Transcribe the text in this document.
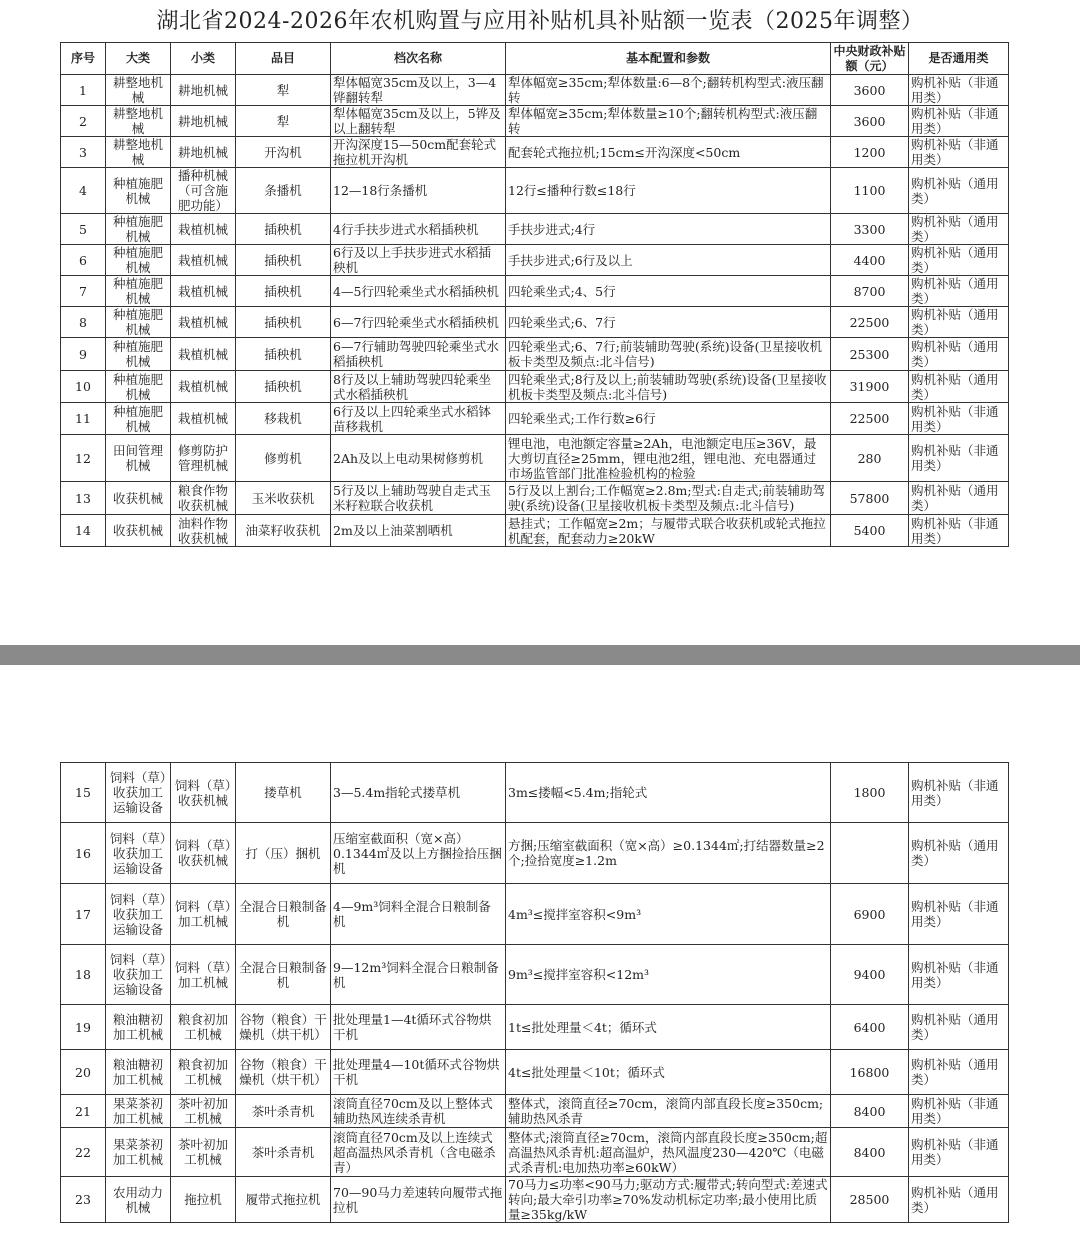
湖北省2024-2026年农机购置与应用补贴机具补贴额一览表（2025年调整）
序号	大类	小类	品目	档次名称	基本配置和参数	中央财政补贴额（元）	是否通用类

1	耕整地机械	耕地机械	犁	犁体幅宽35cm及以上，3—4铧翻转犁	犁体幅宽≥35cm;犁体数量:6—8个;翻转机构型式:液压翻转	3600	购机补贴（非通用类）

2	耕整地机械	耕地机械	犁	犁体幅宽35cm及以上，5铧及以上翻转犁	犁体幅宽≥35cm;犁体数量≥10个;翻转机构型式:液压翻转	3600	购机补贴（非通用类）

3	耕整地机械	耕地机械	开沟机	开沟深度15—50cm配套轮式拖拉机开沟机	配套轮式拖拉机;15cm≤开沟深度<50cm	1200	购机补贴（非通用类）

4	种植施肥机械	播种机械（可含施肥功能）	条播机	12—18行条播机	12行≤播种行数≤18行	1100	购机补贴（通用类）

5	种植施肥机械	栽植机械	插秧机	4行手扶步进式水稻插秧机	手扶步进式;4行	3300	购机补贴（通用类）

6	种植施肥机械	栽植机械	插秧机	6行及以上手扶步进式水稻插秧机	手扶步进式;6行及以上	4400	购机补贴（通用类）

7	种植施肥机械	栽植机械	插秧机	4—5行四轮乘坐式水稻插秧机	四轮乘坐式;4、5行	8700	购机补贴（通用类）

8	种植施肥机械	栽植机械	插秧机	6—7行四轮乘坐式水稻插秧机	四轮乘坐式;6、7行	22500	购机补贴（通用类）

9	种植施肥机械	栽植机械	插秧机	6—7行辅助驾驶四轮乘坐式水稻插秧机	四轮乘坐式;6、7行;前装辅助驾驶(系统)设备(卫星接收机板卡类型及频点:北斗信号)	25300	购机补贴（通用类）

10	种植施肥机械	栽植机械	插秧机	8行及以上辅助驾驶四轮乘坐式水稻插秧机	四轮乘坐式;8行及以上;前装辅助驾驶(系统)设备(卫星接收机板卡类型及频点:北斗信号)	31900	购机补贴（通用类）

11	种植施肥机械	栽植机械	移栽机	6行及以上四轮乘坐式水稻钵苗移栽机	四轮乘坐式;工作行数≥6行	22500	购机补贴（非通用类）

12	田间管理机械	修剪防护管理机械	修剪机	2Ah及以上电动果树修剪机	锂电池，电池额定容量≥2Ah，电池额定电压≥36V，最大剪切直径≥25mm，锂电池2组，锂电池、充电器通过市场监管部门批准检验机构的检验	280	购机补贴（非通用类）

13	收获机械	粮食作物收获机械	玉米收获机	5行及以上辅助驾驶自走式玉米籽粒联合收获机	5行及以上割台;工作幅宽≥2.8m;型式:自走式;前装辅助驾驶(系统)设备(卫星接收机板卡类型及频点:北斗信号)	57800	购机补贴（通用类）

14	收获机械	油料作物收获机械	油菜籽收获机	2m及以上油菜割晒机	悬挂式；工作幅宽≥2m；与履带式联合收获机或轮式拖拉机配套，配套动力≥20kW	5400	购机补贴（非通用类）
15	饲料（草）收获加工运输设备	饲料（草）收获机械	搂草机	3—5.4m指轮式搂草机	3m≤搂幅<5.4m;指轮式	1800	购机补贴（非通用类）

16	饲料（草）收获加工运输设备	饲料（草）收获机械	打（压）捆机	压缩室截面积（宽×高）0.1344㎡及以上方捆捡拾压捆机	方捆;压缩室截面积（宽×高）≥0.1344㎡;打结器数量≥2个;捡拾宽度≥1.2m		购机补贴（通用类）

17	饲料（草）收获加工运输设备	饲料（草）加工机械	全混合日粮制备机	4—9m³饲料全混合日粮制备机	4m³≤搅拌室容积<9m³	6900	购机补贴（非通用类）

18	饲料（草）收获加工运输设备	饲料（草）加工机械	全混合日粮制备机	9—12m³饲料全混合日粮制备机	9m³≤搅拌室容积<12m³	9400	购机补贴（非通用类）

19	粮油糖初加工机械	粮食初加工机械	谷物（粮食）干燥机（烘干机）	批处理量1—4t循环式谷物烘干机	1t≤批处理量＜4t；循环式	6400	购机补贴（通用类）

20	粮油糖初加工机械	粮食初加工机械	谷物（粮食）干燥机（烘干机）	批处理量4—10t循环式谷物烘干机	4t≤批处理量＜10t；循环式	16800	购机补贴（通用类）

21	果菜茶初加工机械	茶叶初加工机械	茶叶杀青机	滚筒直径70cm及以上整体式辅助热风连续杀青机	整体式，滚筒直径≥70cm，滚筒内部直段长度≥350cm;辅助热风杀青	8400	购机补贴（非通用类）

22	果菜茶初加工机械	茶叶初加工机械	茶叶杀青机	滚筒直径70cm及以上连续式超高温热风杀青机（含电磁杀青）	整体式;滚筒直径≥70cm，滚筒内部直段长度≥350cm;超高温热风杀青机:超高温炉，热风温度230—420℃（电磁式杀青机:电加热功率≥60kW）	8400	购机补贴（非通用类）

23	农用动力机械	拖拉机	履带式拖拉机	70—90马力差速转向履带式拖拉机	70马力≤功率<90马力;驱动方式:履带式;转向型式:差速式转向;最大牵引功率≥70%发动机标定功率;最小使用比质量≥35kg/kW	28500	购机补贴（通用类）
